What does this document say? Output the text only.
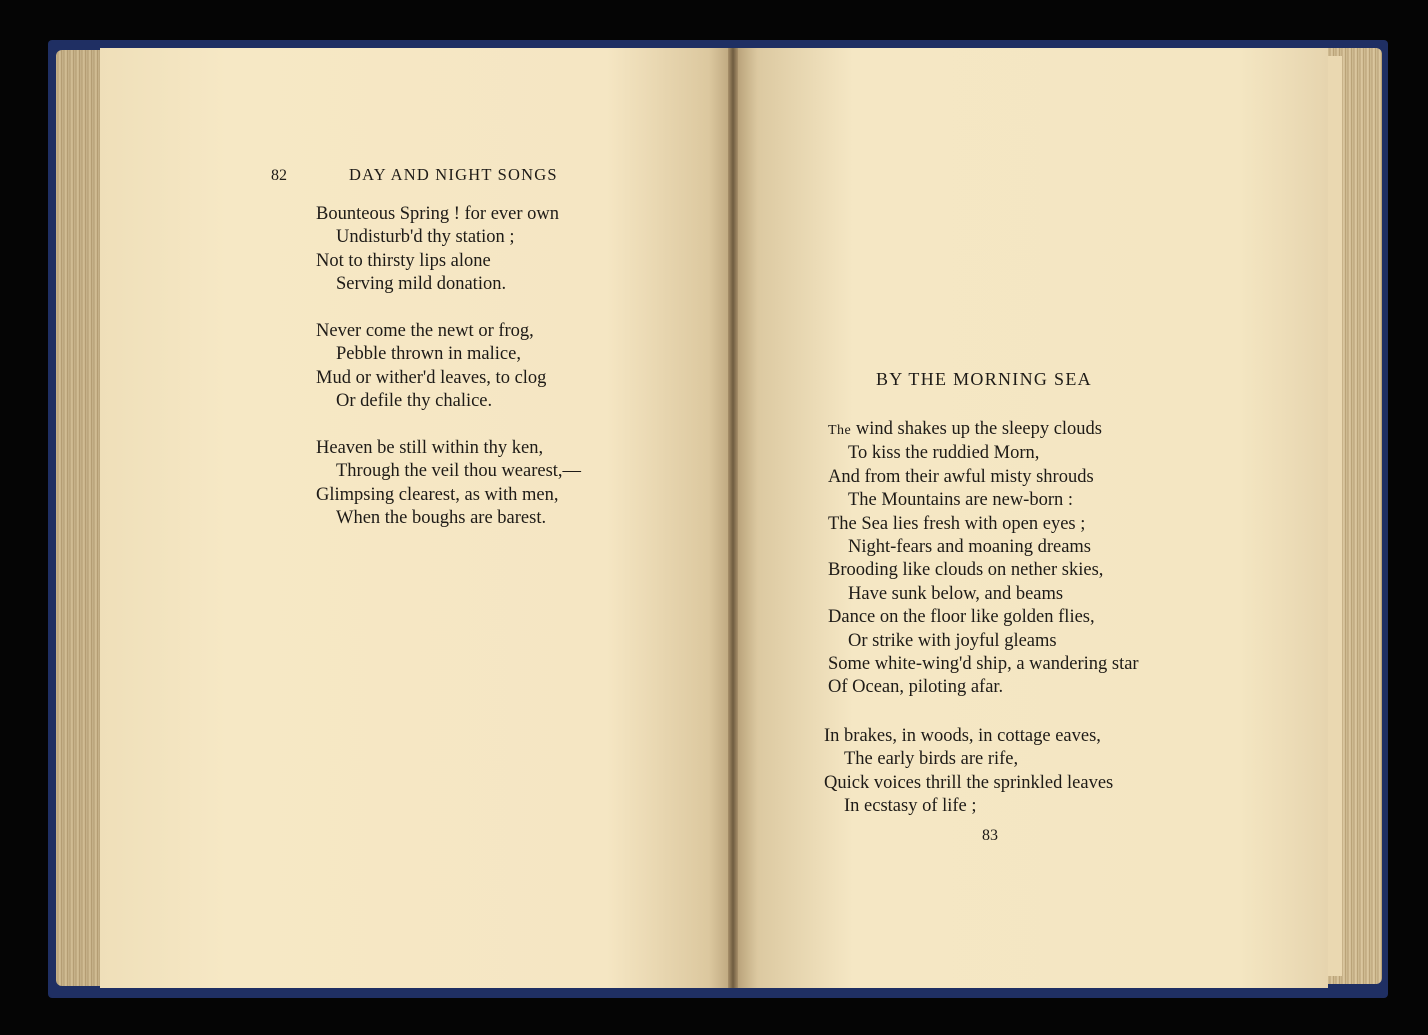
82	DAY AND NIGHT SONGS
Bounteous Spring ! for ever own
Undisturb'd thy station ;
Not to thirsty lips alone
Serving mild donation.
Never come the newt or frog,
Pebble thrown in malice,
Mud or wither'd leaves, to clog
Or defile thy chalice.
Heaven be still within thy ken,
Through the veil thou wearest,—
Glimpsing clearest, as with men,
When the boughs are barest.
BY THE MORNING SEA
The wind shakes up the sleepy clouds
To kiss the ruddied Morn,
And from their awful misty shrouds
The Mountains are new-born :
The Sea lies fresh with open eyes ;
Night-fears and moaning dreams
Brooding like clouds on nether skies,
Have sunk below, and beams
Dance on the floor like golden flies,
Or strike with joyful gleams
Some white-wing'd ship, a wandering star
Of Ocean, piloting afar.
In brakes, in woods, in cottage eaves,
The early birds are rife,
Quick voices thrill the sprinkled leaves
In ecstasy of life ;
83
